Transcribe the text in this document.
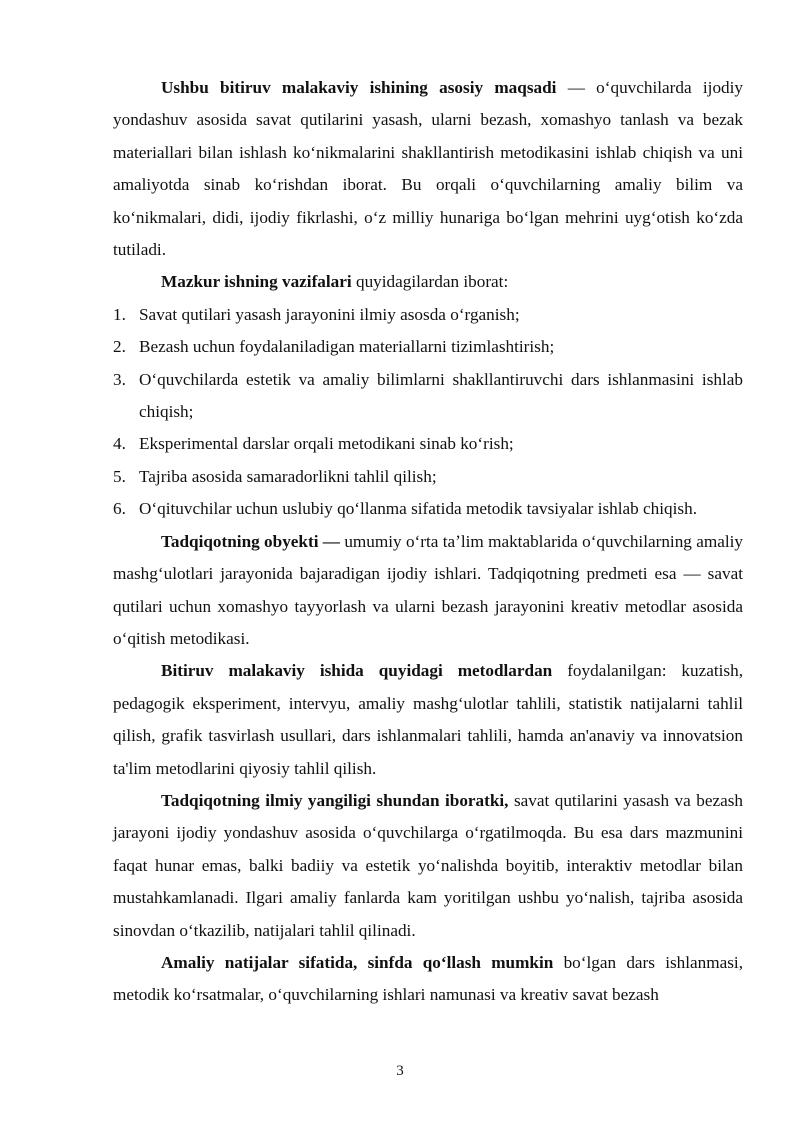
Ushbu bitiruv malakaviy ishining asosiy maqsadi — oʻquvchilarda ijodiy yondashuv asosida savat qutilarini yasash, ularni bezash, xomashyo tanlash va bezak materiallari bilan ishlash koʻnikmalarini shakllantirish metodikasini ishlab chiqish va uni amaliyotda sinab koʻrishdan iborat. Bu orqali oʻquvchilarning amaliy bilim va koʻnikmalari, didi, ijodiy fikrlashi, oʻz milliy hunariga boʻlgan mehrini uygʻotish koʻzda tutiladi.

Mazkur ishning vazifalari quyidagilardan iborat:

1. Savat qutilari yasash jarayonini ilmiy asosda oʻrganish;
2. Bezash uchun foydalaniladigan materiallarni tizimlashtirish;
3. Oʻquvchilarda estetik va amaliy bilimlarni shakllantiruvchi dars ishlanmasini ishlab chiqish;
4. Eksperimental darslar orqali metodikani sinab koʻrish;
5. Tajriba asosida samaradorlikni tahlil qilish;
6. Oʻqituvchilar uchun uslubiy qoʻllanma sifatida metodik tavsiyalar ishlab chiqish.

Tadqiqotning obyekti — umumiy oʻrta taʼlim maktablarida oʻquvchilarning amaliy mashgʻulotlari jarayonida bajaradigan ijodiy ishlari. Tadqiqotning predmeti esa — savat qutilari uchun xomashyo tayyorlash va ularni bezash jarayonini kreativ metodlar asosida oʻqitish metodikasi.

Bitiruv malakaviy ishida quyidagi metodlardan foydalanilgan: kuzatish, pedagogik eksperiment, intervyu, amaliy mashgʻulotlar tahlili, statistik natijalarni tahlil qilish, grafik tasvirlash usullari, dars ishlanmalari tahlili, hamda an'anaviy va innovatsion ta'lim metodlarini qiyosiy tahlil qilish.

Tadqiqotning ilmiy yangiligi shundan iboratki, savat qutilarini yasash va bezash jarayoni ijodiy yondashuv asosida oʻquvchilarga oʻrgatilmoqda. Bu esa dars mazmunini faqat hunar emas, balki badiiy va estetik yoʻnalishda boyitib, interaktiv metodlar bilan mustahkamlanadi. Ilgari amaliy fanlarda kam yoritilgan ushbu yoʻnalish, tajriba asosida sinovdan oʻtkazilib, natijalari tahlil qilinadi.

Amaliy natijalar sifatida, sinfda qoʻllash mumkin boʻlgan dars ishlanmasi, metodik koʻrsatmalar, oʻquvchilarning ishlari namunasi va kreativ savat bezash

3
